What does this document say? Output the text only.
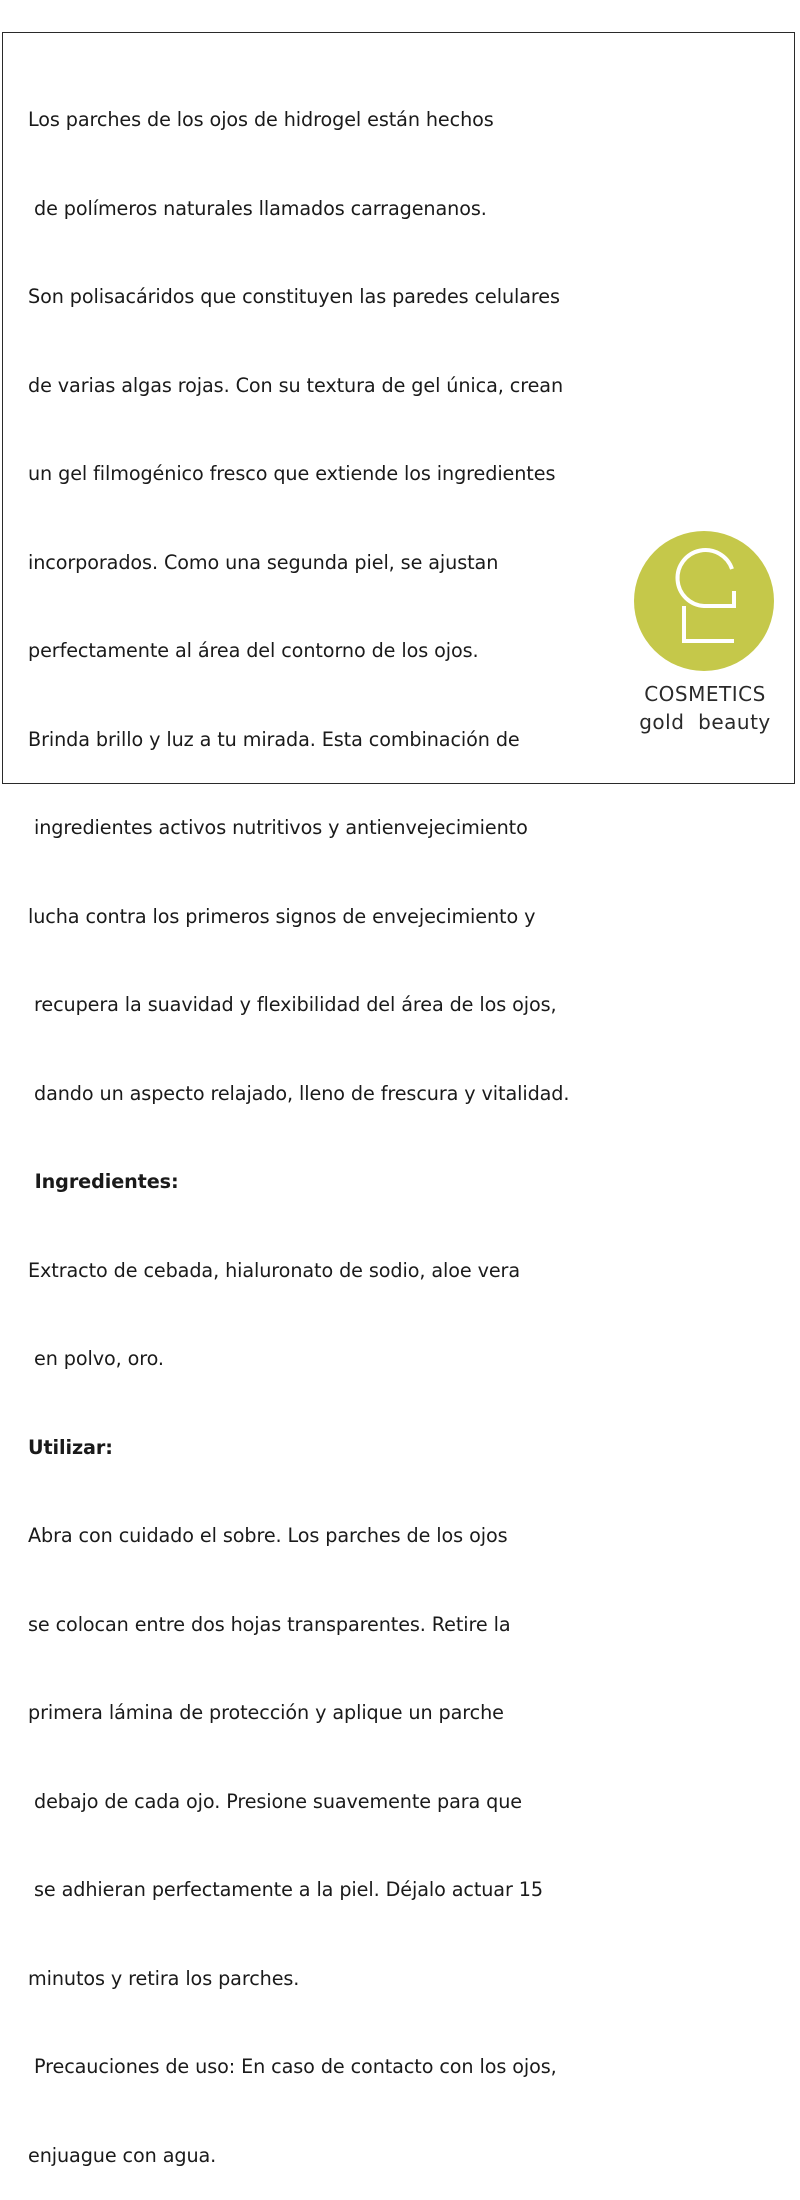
Los parches de los ojos de hidrogel están hechos

de polímeros naturales llamados carragenanos.

Son polisacáridos que constituyen las paredes celulares

de varias algas rojas. Con su textura de gel única, crean

un gel filmogénico fresco que extiende los ingredientes

incorporados. Como una segunda piel, se ajustan

perfectamente al área del contorno de los ojos.

Brinda brillo y luz a tu mirada. Esta combinación de

ingredientes activos nutritivos y antienvejecimiento

lucha contra los primeros signos de envejecimiento y

recupera la suavidad y flexibilidad del área de los ojos,

dando un aspecto relajado, lleno de frescura y vitalidad.

Ingredientes:

Extracto de cebada, hialuronato de sodio, aloe vera

en polvo, oro.

Utilizar:

Abra con cuidado el sobre. Los parches de los ojos

se colocan entre dos hojas transparentes. Retire la

primera lámina de protección y aplique un parche

debajo de cada ojo. Presione suavemente para que

se adhieran perfectamente a la piel. Déjalo actuar 15

minutos y retira los parches.

Precauciones de uso: En caso de contacto con los ojos,

enjuague con agua.

COSMETICS
gold  beauty
